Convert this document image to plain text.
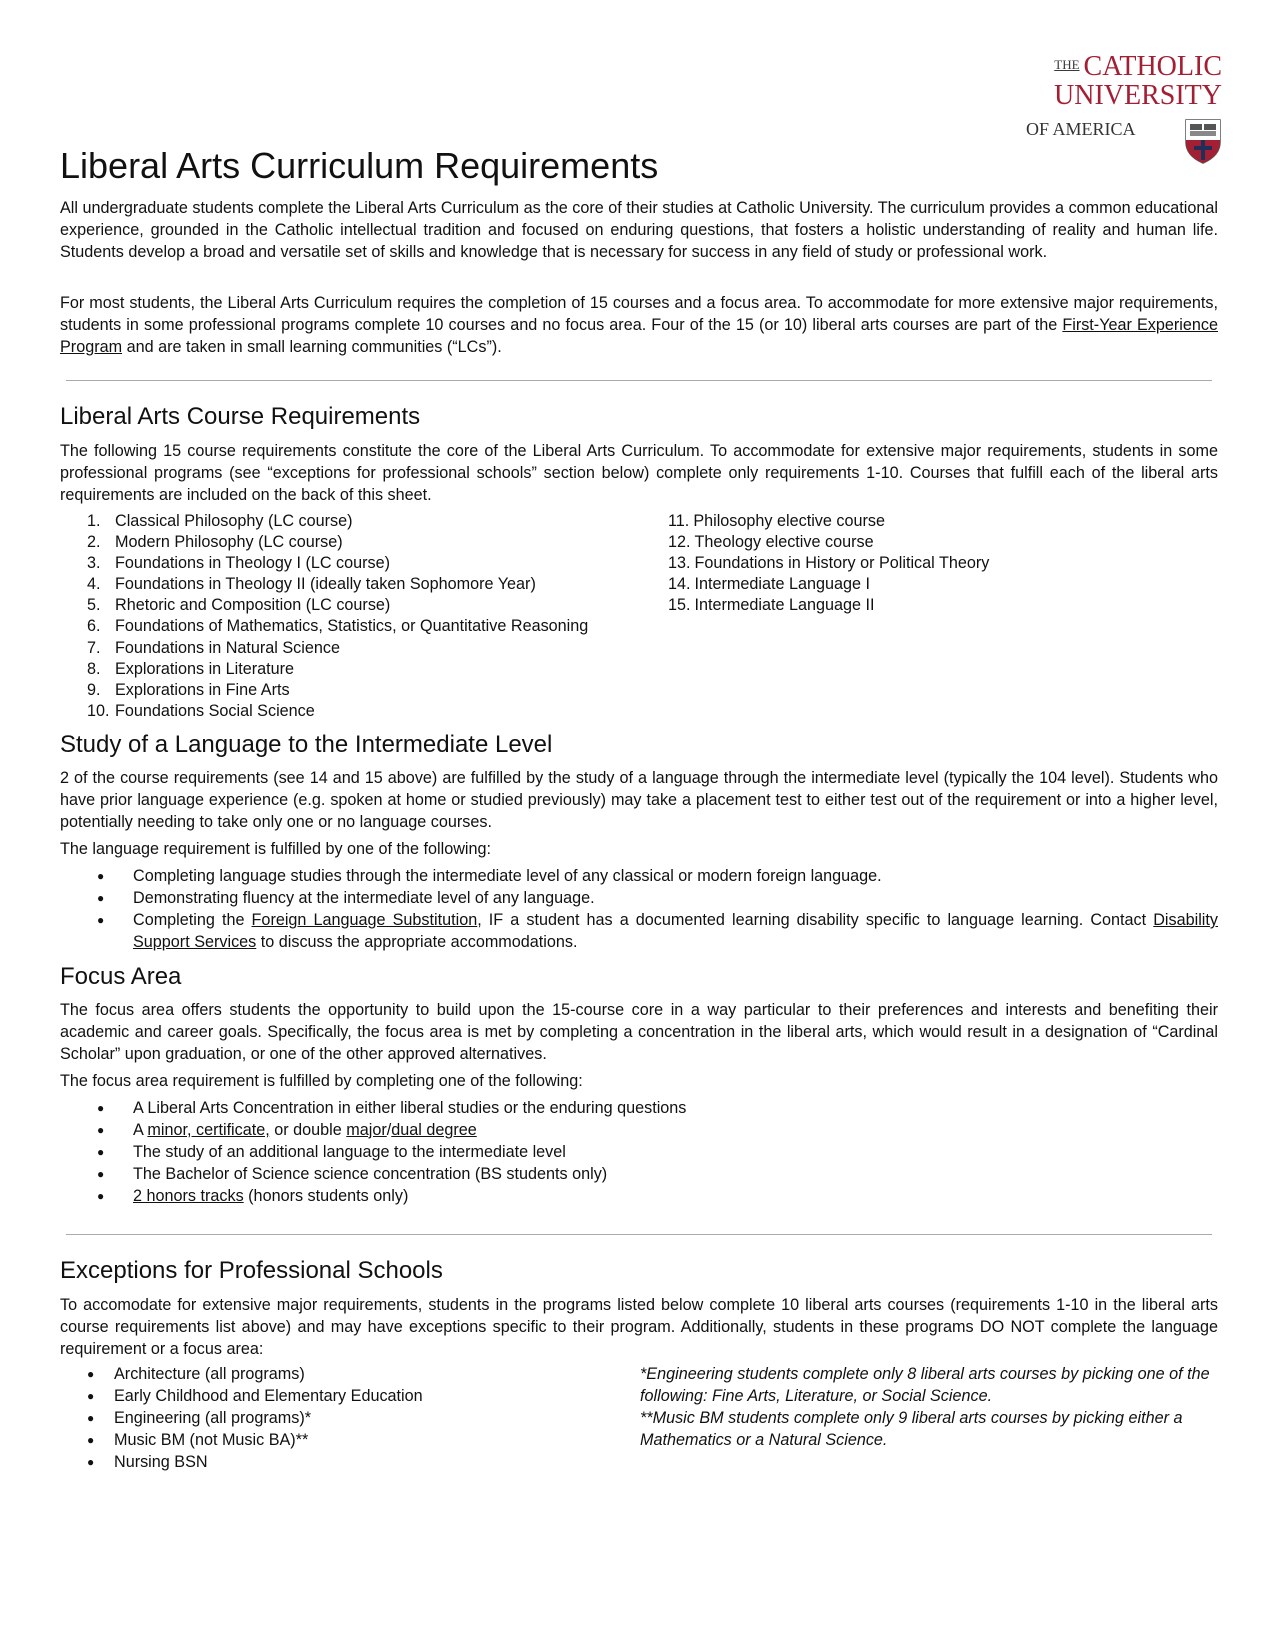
$^{THE}$ CATHOLIC
UNIVERSITY
OF AMERICA
Liberal Arts Curriculum Requirements

All undergraduate students complete the Liberal Arts Curriculum as the core of their studies at Catholic University. The curriculum provides a common educational experience, grounded in the Catholic intellectual tradition and focused on enduring questions, that fosters a holistic understanding of reality and human life. Students develop a broad and versatile set of skills and knowledge that is necessary for success in any field of study or professional work.

For most students, the Liberal Arts Curriculum requires the completion of 15 courses and a focus area. To accommodate for more extensive major requirements, students in some professional programs complete 10 courses and no focus area. Four of the 15 (or 10) liberal arts courses are part of the First-Year Experience Program and are taken in small learning communities (“LCs”).

Liberal Arts Course Requirements

The following 15 course requirements constitute the core of the Liberal Arts Curriculum. To accommodate for extensive major requirements, students in some professional programs (see “exceptions for professional schools” section below) complete only requirements 1-10. Courses that fulfill each of the liberal arts requirements are included on the back of this sheet.

1. Classical Philosophy (LC course)
2. Modern Philosophy (LC course)
3. Foundations in Theology I (LC course)
4. Foundations in Theology II (ideally taken Sophomore Year)
5. Rhetoric and Composition (LC course)
6. Foundations of Mathematics, Statistics, or Quantitative Reasoning
7. Foundations in Natural Science
8. Explorations in Literature
9. Explorations in Fine Arts
10. Foundations Social Science
11. Philosophy elective course
12. Theology elective course
13. Foundations in History or Political Theory
14. Intermediate Language I
15. Intermediate Language II
Study of a Language to the Intermediate Level

2 of the course requirements (see 14 and 15 above) are fulfilled by the study of a language through the intermediate level (typically the 104 level). Students who have prior language experience (e.g. spoken at home or studied previously) may take a placement test to either test out of the requirement or into a higher level, potentially needing to take only one or no language courses.

The language requirement is fulfilled by one of the following:

● Completing language studies through the intermediate level of any classical or modern foreign language.
● Demonstrating fluency at the intermediate level of any language.
● Completing the Foreign Language Substitution, IF a student has a documented learning disability specific to language learning. Contact Disability Support Services to discuss the appropriate accommodations.
Focus Area

The focus area offers students the opportunity to build upon the 15-course core in a way particular to their preferences and interests and benefiting their academic and career goals. Specifically, the focus area is met by completing a concentration in the liberal arts, which would result in a designation of “Cardinal Scholar” upon graduation, or one of the other approved alternatives.

The focus area requirement is fulfilled by completing one of the following:

● A Liberal Arts Concentration in either liberal studies or the enduring questions
● A minor, certificate, or double major/dual degree
● The study of an additional language to the intermediate level
● The Bachelor of Science science concentration (BS students only)
● 2 honors tracks (honors students only)
Exceptions for Professional Schools

To accomodate for extensive major requirements, students in the programs listed below complete 10 liberal arts courses (requirements 1-10 in the liberal arts course requirements list above) and may have exceptions specific to their program. Additionally, students in these programs DO NOT complete the language requirement or a focus area:

● Architecture (all programs)
● Early Childhood and Elementary Education
● Engineering (all programs)*
● Music BM (not Music BA)**
● Nursing BSN
*Engineering students complete only 8 liberal arts courses by picking one of the following: Fine Arts, Literature, or Social Science.
**Music BM students complete only 9 liberal arts courses by picking either a Mathematics or a Natural Science.
